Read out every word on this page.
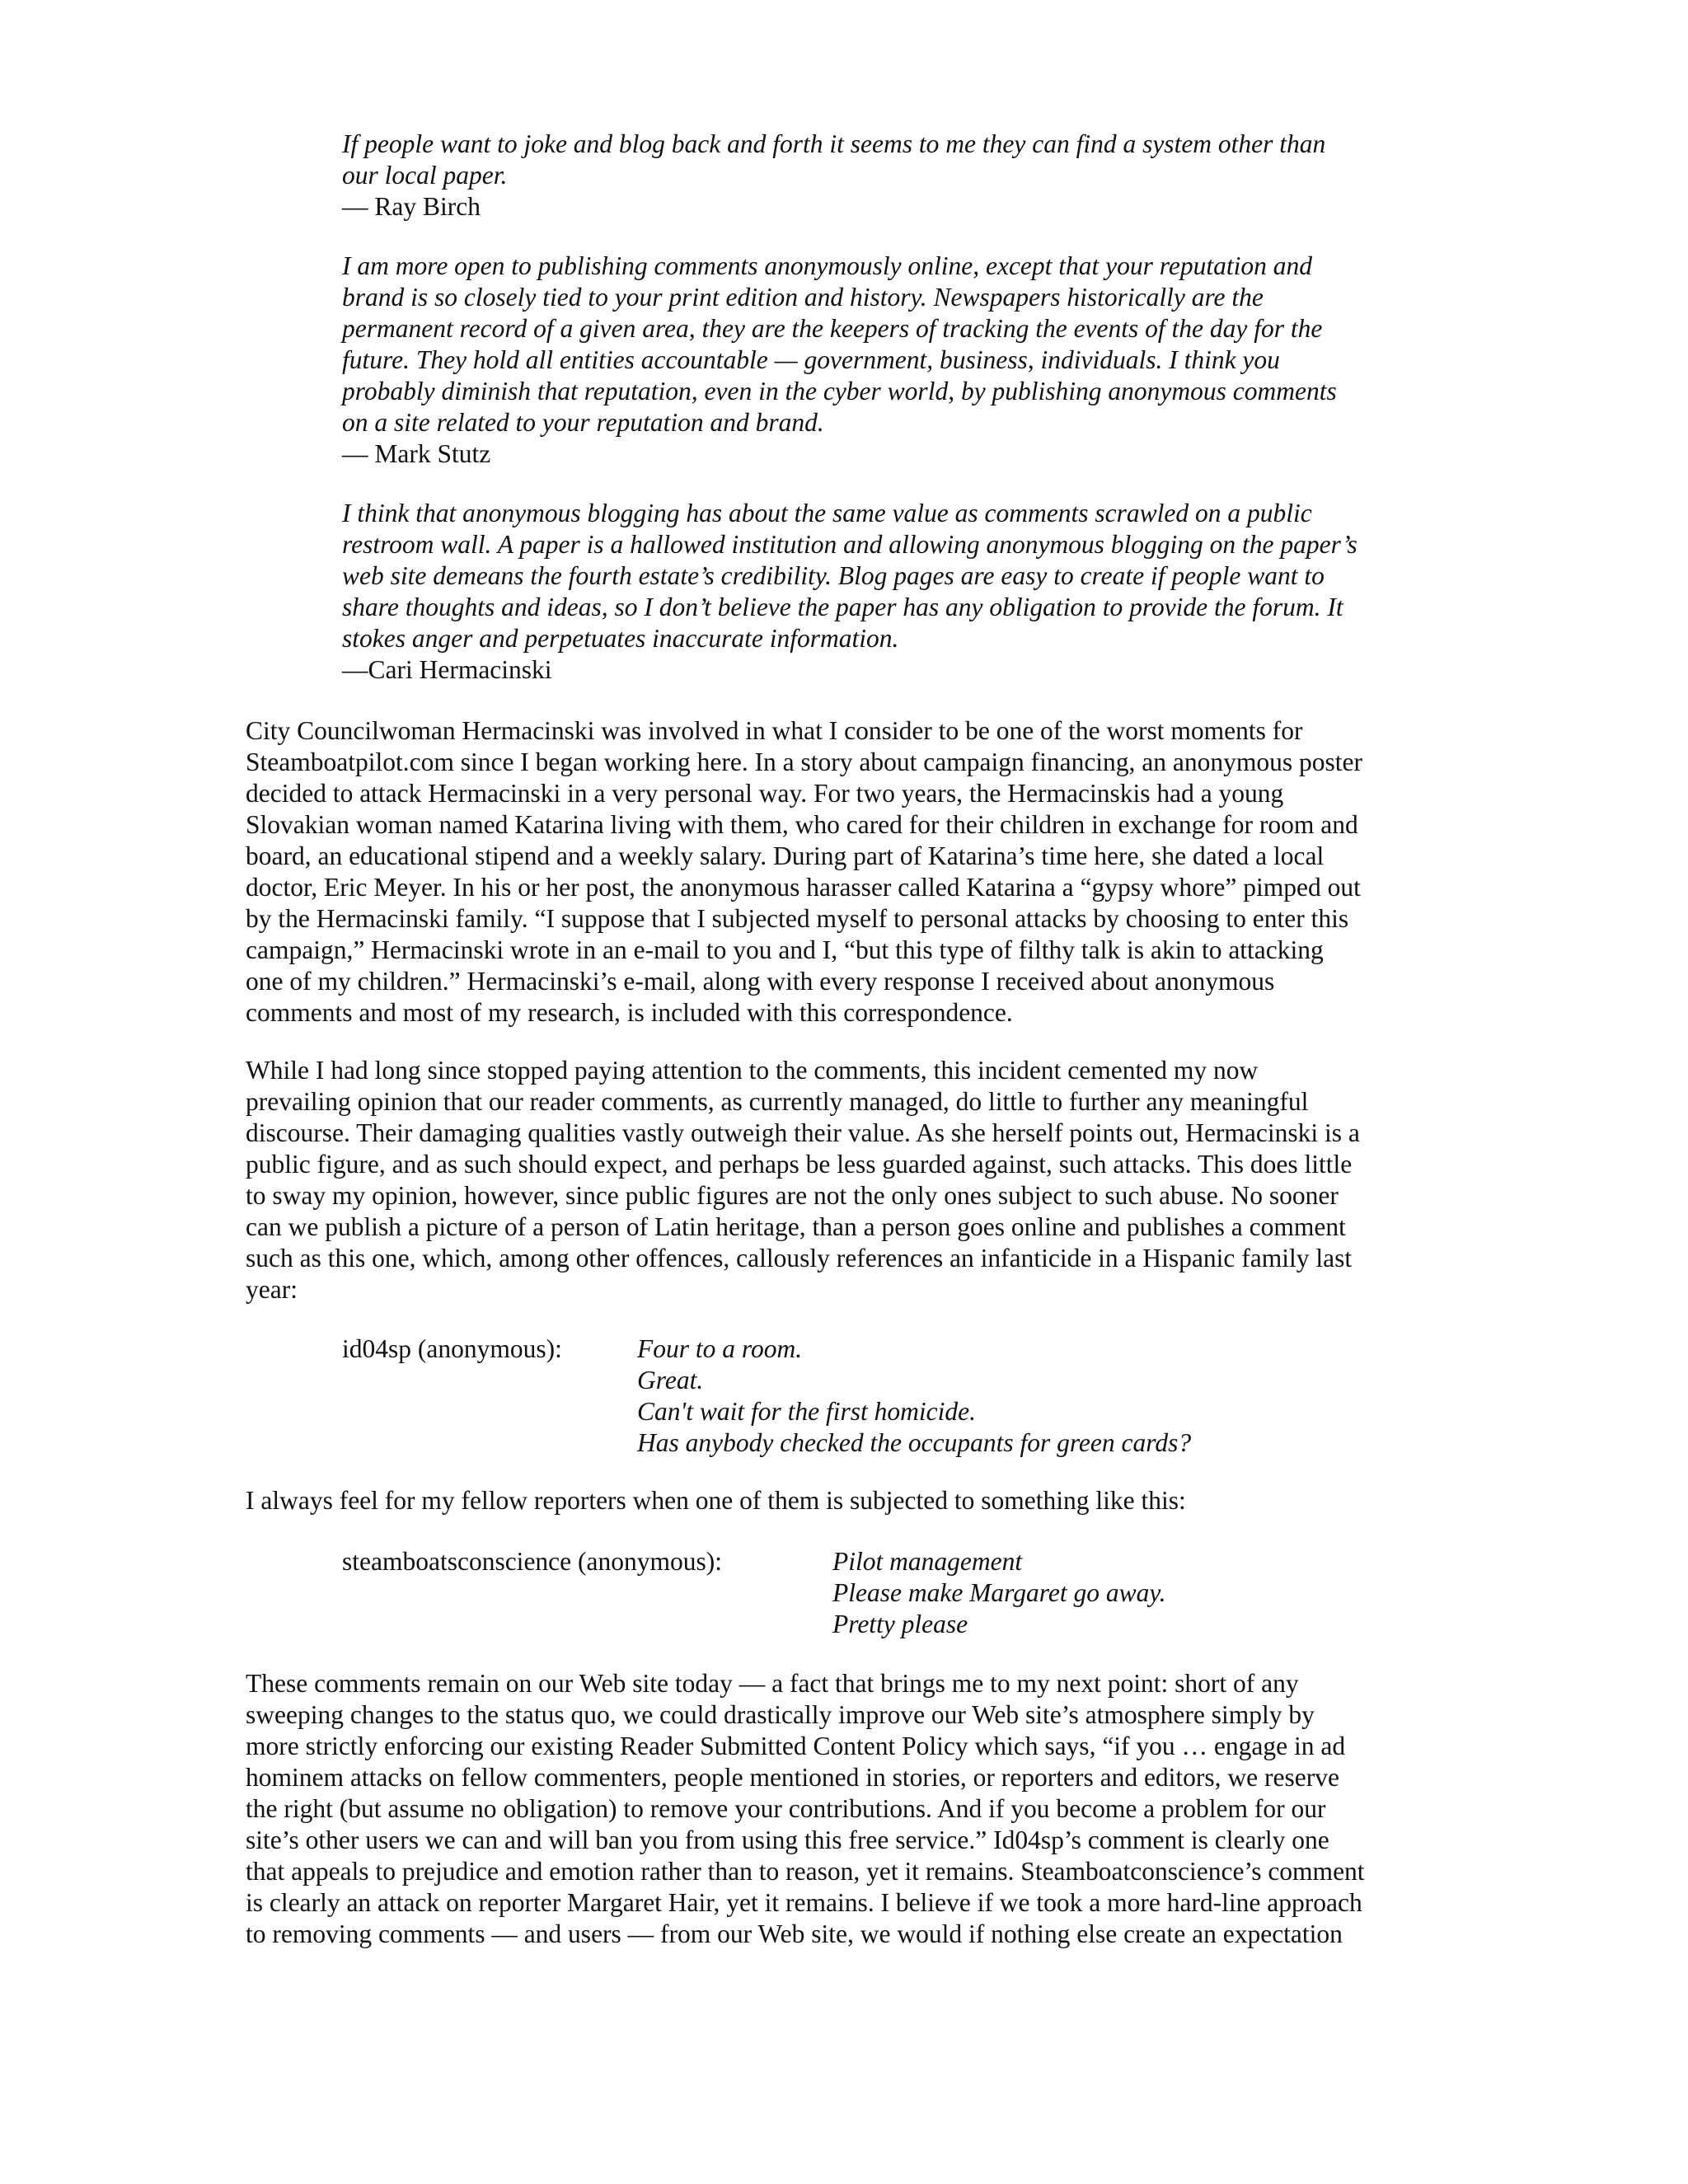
If people want to joke and blog back and forth it seems to me they can find a system other than
our local paper.
— Ray Birch
I am more open to publishing comments anonymously online, except that your reputation and
brand is so closely tied to your print edition and history. Newspapers historically are the
permanent record of a given area, they are the keepers of tracking the events of the day for the
future. They hold all entities accountable — government, business, individuals. I think you
probably diminish that reputation, even in the cyber world, by publishing anonymous comments
on a site related to your reputation and brand.
— Mark Stutz
I think that anonymous blogging has about the same value as comments scrawled on a public
restroom wall. A paper is a hallowed institution and allowing anonymous blogging on the paper’s
web site demeans the fourth estate’s credibility. Blog pages are easy to create if people want to
share thoughts and ideas, so I don’t believe the paper has any obligation to provide the forum. It
stokes anger and perpetuates inaccurate information.
—Cari Hermacinski
City Councilwoman Hermacinski was involved in what I consider to be one of the worst moments for
Steamboatpilot.com since I began working here. In a story about campaign financing, an anonymous poster
decided to attack Hermacinski in a very personal way. For two years, the Hermacinskis had a young
Slovakian woman named Katarina living with them, who cared for their children in exchange for room and
board, an educational stipend and a weekly salary. During part of Katarina’s time here, she dated a local
doctor, Eric Meyer. In his or her post, the anonymous harasser called Katarina a “gypsy whore” pimped out
by the Hermacinski family. “I suppose that I subjected myself to personal attacks by choosing to enter this
campaign,” Hermacinski wrote in an e-mail to you and I, “but this type of filthy talk is akin to attacking
one of my children.” Hermacinski’s e-mail, along with every response I received about anonymous
comments and most of my research, is included with this correspondence.
While I had long since stopped paying attention to the comments, this incident cemented my now
prevailing opinion that our reader comments, as currently managed, do little to further any meaningful
discourse. Their damaging qualities vastly outweigh their value. As she herself points out, Hermacinski is a
public figure, and as such should expect, and perhaps be less guarded against, such attacks. This does little
to sway my opinion, however, since public figures are not the only ones subject to such abuse. No sooner
can we publish a picture of a person of Latin heritage, than a person goes online and publishes a comment
such as this one, which, among other offences, callously references an infanticide in a Hispanic family last
year:
id04sp (anonymous):	Four to a room.
Great.
Can't wait for the first homicide.
Has anybody checked the occupants for green cards?
I always feel for my fellow reporters when one of them is subjected to something like this:
steamboatsconscience (anonymous):	Pilot management
Please make Margaret go away.
Pretty please
These comments remain on our Web site today — a fact that brings me to my next point: short of any
sweeping changes to the status quo, we could drastically improve our Web site’s atmosphere simply by
more strictly enforcing our existing Reader Submitted Content Policy which says, “if you … engage in ad
hominem attacks on fellow commenters, people mentioned in stories, or reporters and editors, we reserve
the right (but assume no obligation) to remove your contributions. And if you become a problem for our
site’s other users we can and will ban you from using this free service.” Id04sp’s comment is clearly one
that appeals to prejudice and emotion rather than to reason, yet it remains. Steamboatconscience’s comment
is clearly an attack on reporter Margaret Hair, yet it remains. I believe if we took a more hard-line approach
to removing comments — and users — from our Web site, we would if nothing else create an expectation
